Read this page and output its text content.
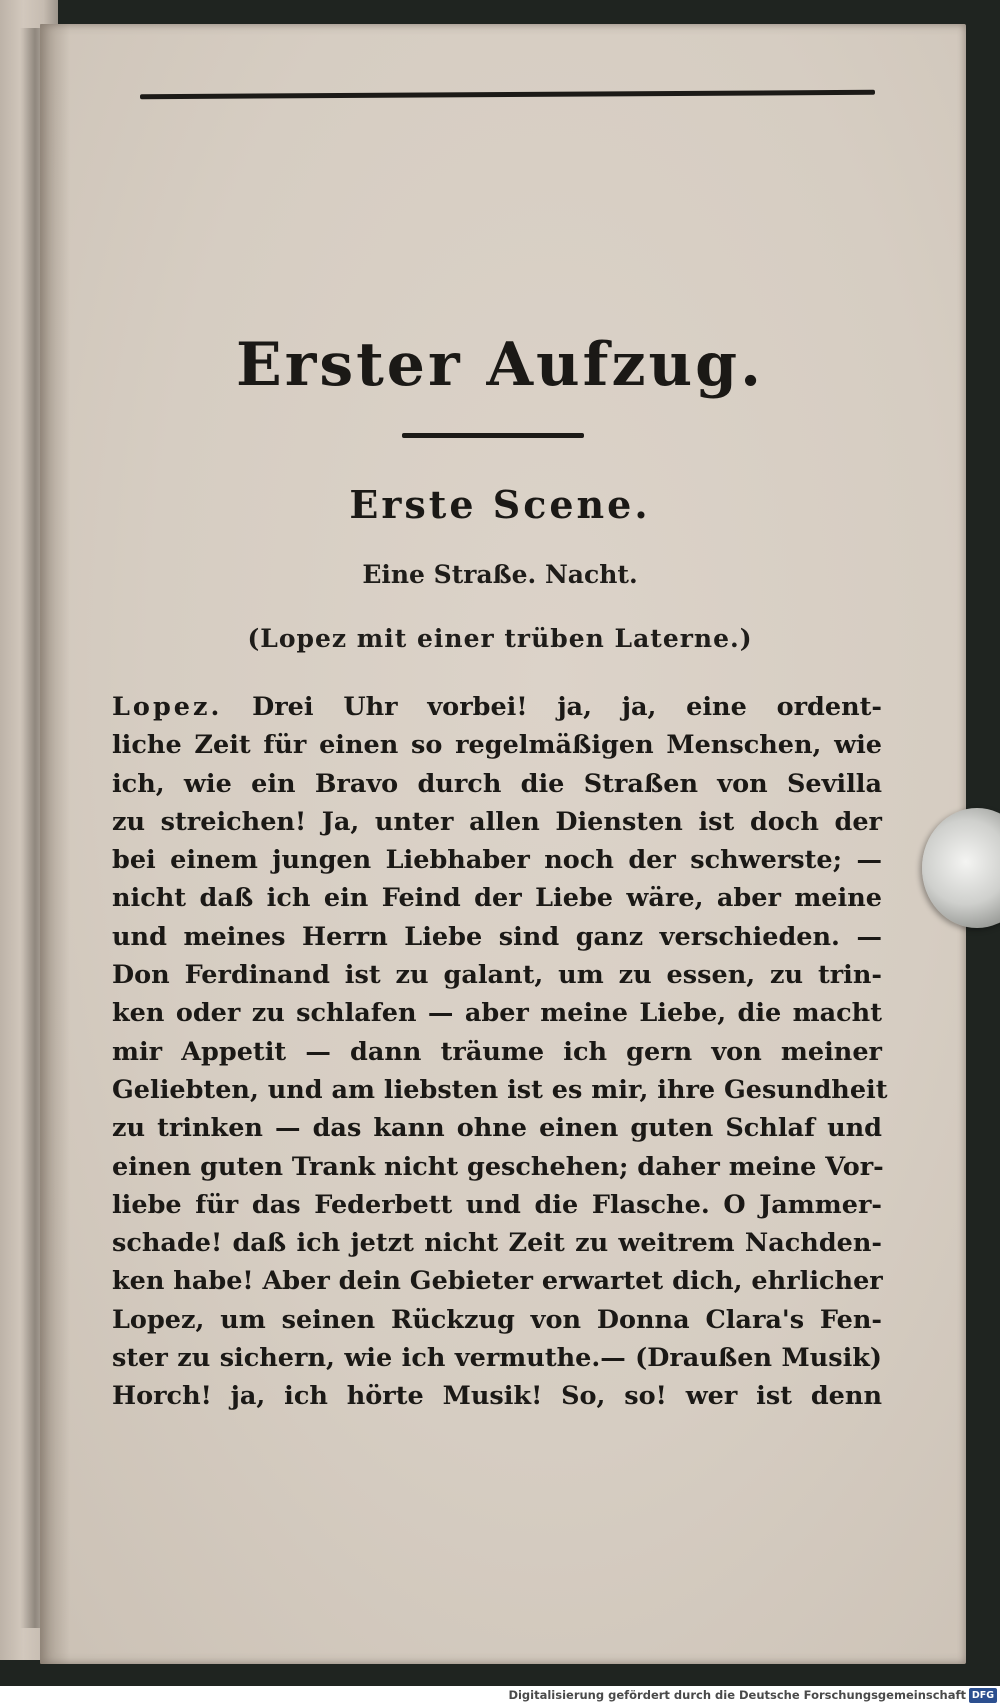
Erster Aufzug.
Erste Scene.
Eine Straße. Nacht.
(Lopez mit einer trüben Laterne.)
Lopez. Drei Uhr vorbei! ja, ja, eine ordent-
liche Zeit für einen so regelmäßigen Menschen, wie
ich, wie ein Bravo durch die Straßen von Sevilla
zu streichen! Ja, unter allen Diensten ist doch der
bei einem jungen Liebhaber noch der schwerste; —
nicht daß ich ein Feind der Liebe wäre, aber meine
und meines Herrn Liebe sind ganz verschieden. —
Don Ferdinand ist zu galant, um zu essen, zu trin-
ken oder zu schlafen — aber meine Liebe, die macht
mir Appetit — dann träume ich gern von meiner
Geliebten, und am liebsten ist es mir, ihre Gesundheit
zu trinken — das kann ohne einen guten Schlaf und
einen guten Trank nicht geschehen; daher meine Vor-
liebe für das Federbett und die Flasche. O Jammer-
schade! daß ich jetzt nicht Zeit zu weitrem Nachden-
ken habe! Aber dein Gebieter erwartet dich, ehrlicher
Lopez, um seinen Rückzug von Donna Clara's Fen-
ster zu sichern, wie ich vermuthe.— (Draußen Musik)
Horch! ja, ich hörte Musik! So, so! wer ist denn
Digitalisierung gefördert durch die Deutsche Forschungsgemeinschaft DFG
